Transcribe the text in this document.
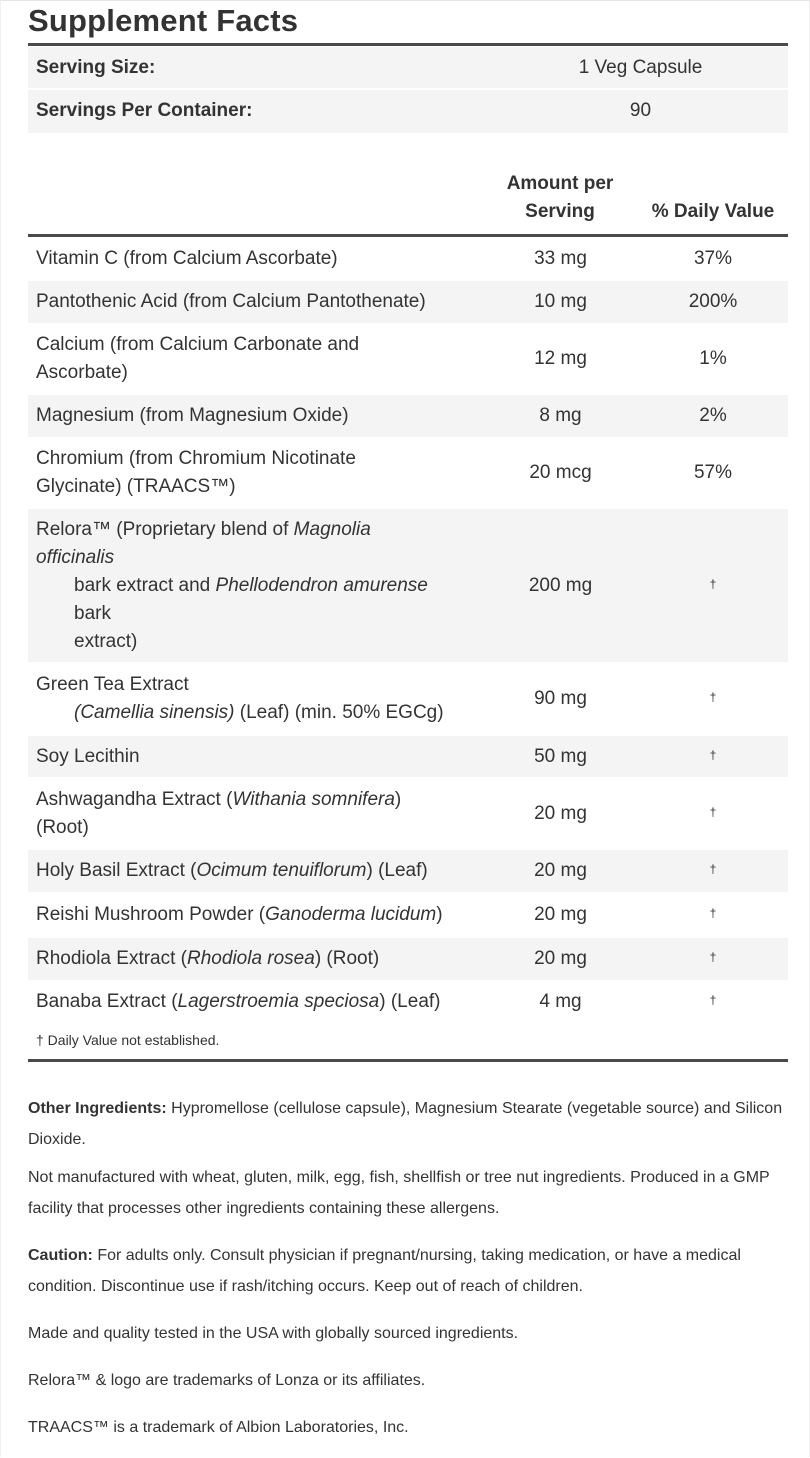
Supplement Facts
Serving Size:	1 Veg Capsule
Servings Per Container:	90
Amount per
Serving	% Daily Value
Vitamin C (from Calcium Ascorbate)	33 mg	37%
Pantothenic Acid (from Calcium Pantothenate)	10 mg	200%
Calcium (from Calcium Carbonate and
Ascorbate)
12 mg	1%
Magnesium (from Magnesium Oxide)	8 mg	2%
Chromium (from Chromium Nicotinate
Glycinate) (TRAACS™)
20 mcg	57%
Relora™ (Proprietary blend of Magnolia
officinalis
bark extract and Phellodendron amurense
bark
extract)
200 mg	†
Green Tea Extract
(Camellia sinensis) (Leaf) (min. 50% EGCg)
90 mg	†
Soy Lecithin	50 mg	†
Ashwagandha Extract (Withania somnifera)
(Root)
20 mg	†
Holy Basil Extract (Ocimum tenuiflorum) (Leaf)	20 mg	†
Reishi Mushroom Powder (Ganoderma lucidum)	20 mg	†
Rhodiola Extract (Rhodiola rosea) (Root)	20 mg	†
Banaba Extract (Lagerstroemia speciosa) (Leaf)	4 mg	†
† Daily Value not established.
Other Ingredients: Hypromellose (cellulose capsule), Magnesium Stearate (vegetable source) and Silicon Dioxide.
Not manufactured with wheat, gluten, milk, egg, fish, shellfish or tree nut ingredients. Produced in a GMP facility that processes other ingredients containing these allergens.
Caution: For adults only. Consult physician if pregnant/nursing, taking medication, or have a medical condition. Discontinue use if rash/itching occurs. Keep out of reach of children.
Made and quality tested in the USA with globally sourced ingredients.
Relora™ & logo are trademarks of Lonza or its affiliates.
TRAACS™ is a trademark of Albion Laboratories, Inc.
